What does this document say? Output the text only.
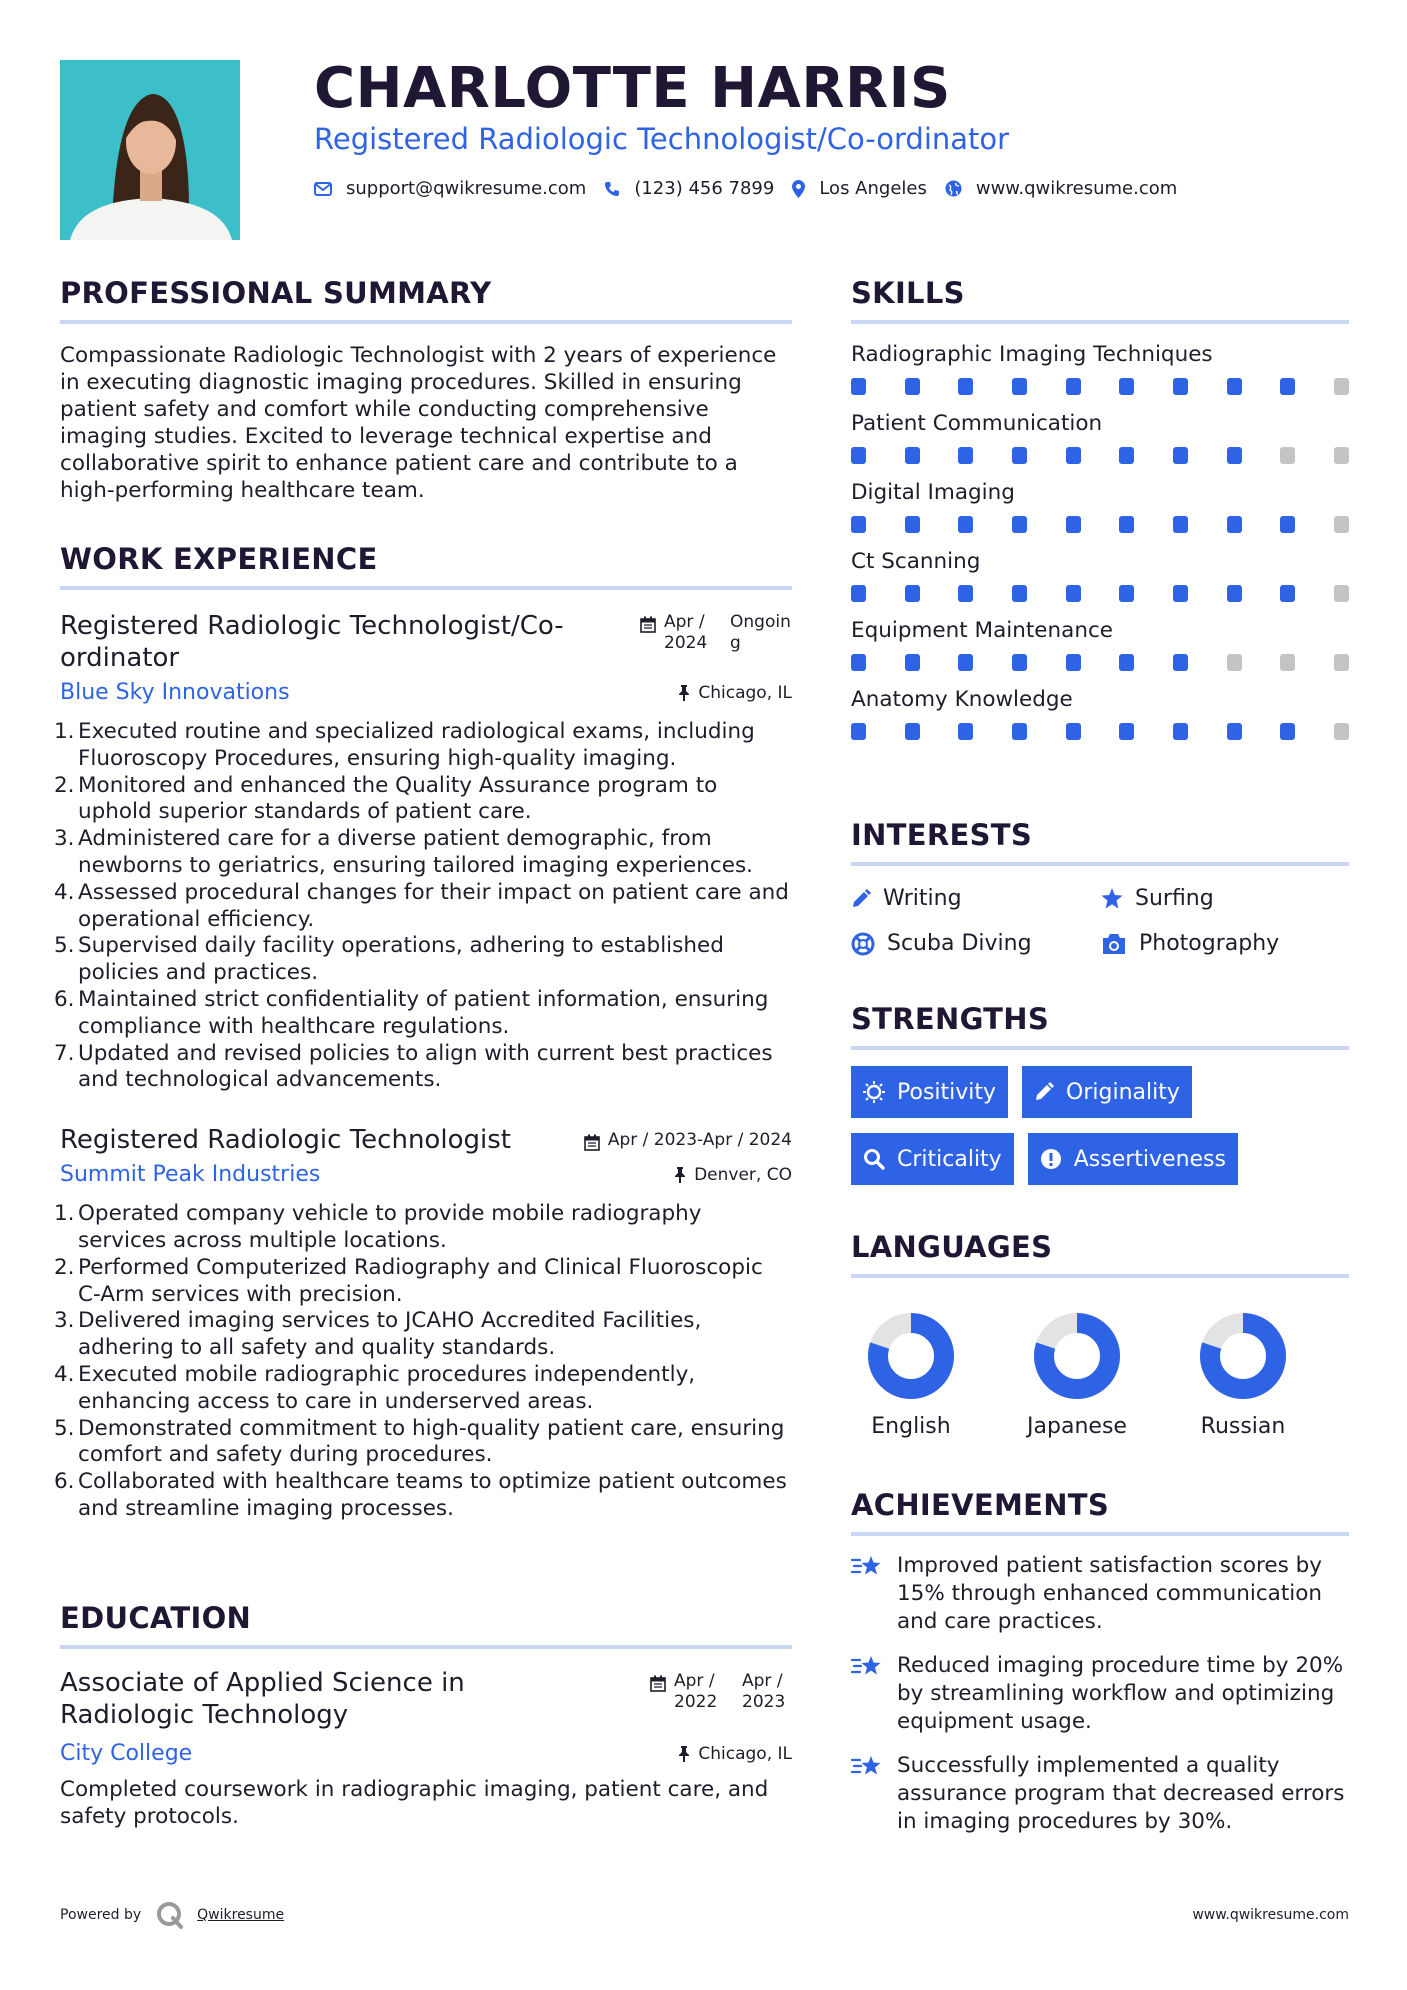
CHARLOTTE HARRIS
Registered Radiologic Technologist/Co-ordinator
support@qwikresume.com	(123) 456 7899	Los Angeles	www.qwikresume.com
PROFESSIONAL SUMMARY
Compassionate Radiologic Technologist with 2 years of experience in executing diagnostic imaging procedures. Skilled in ensuring patient safety and comfort while conducting comprehensive imaging studies. Excited to leverage technical expertise and collaborative spirit to enhance patient care and contribute to a high-performing healthcare team.
WORK EXPERIENCE
Registered Radiologic Technologist/Co-ordinator
Apr / 2024
Ongoing
Blue Sky Innovations	Chicago, IL
1. Executed routine and specialized radiological exams, including Fluoroscopy Procedures, ensuring high-quality imaging.
2. Monitored and enhanced the Quality Assurance program to uphold superior standards of patient care.
3. Administered care for a diverse patient demographic, from newborns to geriatrics, ensuring tailored imaging experiences.
4. Assessed procedural changes for their impact on patient care and operational efficiency.
5. Supervised daily facility operations, adhering to established policies and practices.
6. Maintained strict confidentiality of patient information, ensuring compliance with healthcare regulations.
7. Updated and revised policies to align with current best practices and technological advancements.
Registered Radiologic Technologist	Apr / 2023-Apr / 2024
Summit Peak Industries	Denver, CO
1. Operated company vehicle to provide mobile radiography services across multiple locations.
2. Performed Computerized Radiography and Clinical Fluoroscopic C-Arm services with precision.
3. Delivered imaging services to JCAHO Accredited Facilities, adhering to all safety and quality standards.
4. Executed mobile radiographic procedures independently, enhancing access to care in underserved areas.
5. Demonstrated commitment to high-quality patient care, ensuring comfort and safety during procedures.
6. Collaborated with healthcare teams to optimize patient outcomes and streamline imaging processes.
EDUCATION
Associate of Applied Science in Radiologic Technology
Apr / 2022
Apr / 2023
City College	Chicago, IL
Completed coursework in radiographic imaging, patient care, and safety protocols.
SKILLS
Radiographic Imaging Techniques
Patient Communication
Digital Imaging
Ct Scanning
Equipment Maintenance
Anatomy Knowledge
INTERESTS
Writing	Surfing
Scuba Diving	Photography
STRENGTHS
Positivity	Originality
Criticality	Assertiveness
LANGUAGES
English	Japanese	Russian
ACHIEVEMENTS
Improved patient satisfaction scores by 15% through enhanced communication and care practices.
Reduced imaging procedure time by 20% by streamlining workflow and optimizing equipment usage.
Successfully implemented a quality assurance program that decreased errors in imaging procedures by 30%.
Powered by	Qwikresume	www.qwikresume.com
